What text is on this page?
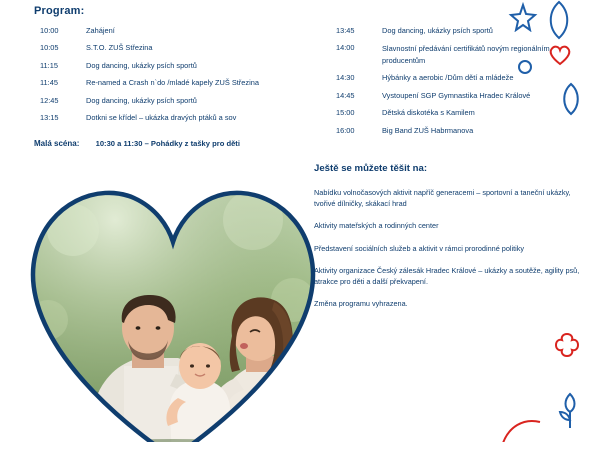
Program:
10:00	Zahájení
10:05	S.T.O. ZUŠ Střezina
11:15	Dog dancing, ukázky psích sportů
11:45	Re-named a Crash n`do /mladé kapely ZUŠ Střezina
12:45	Dog dancing, ukázky psích sportů
13:15	Dotkni se křídel – ukázka dravých ptáků a sov
13:45	Dog dancing, ukázky psích sportů
14:00	Slavnostní předávání certifikátů novým regionálním producentům
14:30	Hýbánky a aerobic /Dům dětí a mládeže
14:45	Vystoupení SGP Gymnastika Hradec Králové
15:00	Dětská diskotéka s Kamilem
16:00	Big Band ZUŠ Habrmanova
Malá scéna: 10:30 a 11:30 – Pohádky z tašky pro děti
Ještě se můžete těšit na:

Nabídku volnočasových aktivit napříč generacemi – sportovní a taneční ukázky, tvořivé dílničky, skákací hrad

Aktivity mateřských a rodinných center

Představení sociálních služeb a aktivit v rámci prorodinné politiky

Aktivity organizace Český zálesák Hradec Králové – ukázky a soutěže, agility psů, atrakce pro děti a další překvapení.

Změna programu vyhrazena.
